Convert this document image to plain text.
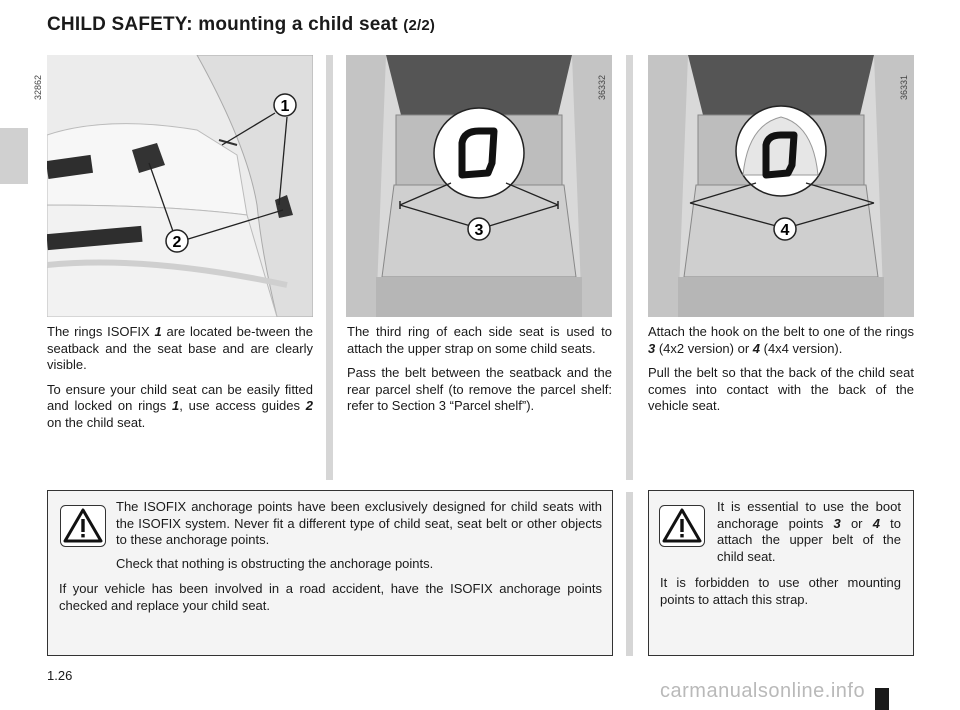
CHILD SAFETY: mounting a child seat (2/2)
1
2
32862
3
36332
4
36331

The rings ISOFIX 1 are located be-tween the seatback and the seat base and are clearly visible.

To ensure your child seat can be easily fitted and locked on rings 1, use access guides 2 on the child seat.

The third ring of each side seat is used to attach the upper strap on some child seats.

Pass the belt between the seatback and the rear parcel shelf (to remove the parcel shelf: refer to Section 3 “Parcel shelf”).

Attach the hook on the belt to one of the rings 3 (4x2 version) or 4 (4x4 version).

Pull the belt so that the back of the child seat comes into contact with the back of the vehicle seat.

The ISOFIX anchorage points have been exclusively designed for child seats with the ISOFIX system. Never fit a different type of child seat, seat belt or other objects to these anchorage points.

Check that nothing is obstructing the anchorage points.

If your vehicle has been involved in a road accident, have the ISOFIX anchorage points checked and replace your child seat.

It is essential to use the boot anchorage points 3 or 4 to attach the upper belt of the child seat.

It is forbidden to use other mounting points to attach this strap.

1.26
carmanualsonline.info
